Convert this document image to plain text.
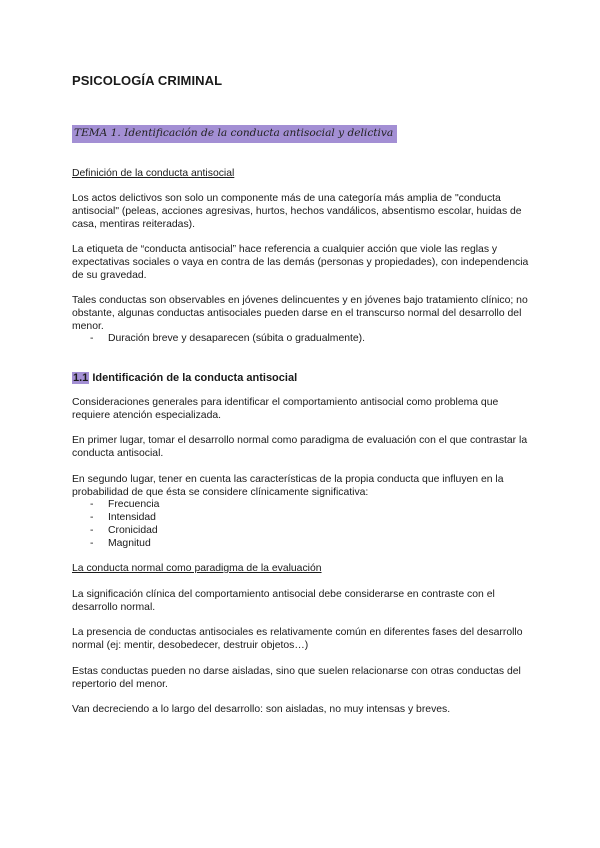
PSICOLOGÍA CRIMINAL
TEMA 1. Identificación de la conducta antisocial y delictiva

Definición de la conducta antisocial

Los actos delictivos son solo un componente más de una categoría más amplia de "conducta antisocial" (peleas, acciones agresivas, hurtos, hechos vandálicos, absentismo escolar, huidas de casa, mentiras reiteradas).

La etiqueta de “conducta antisocial” hace referencia a cualquier acción que viole las reglas y expectativas sociales o vaya en contra de las demás (personas y propiedades), con independencia de su gravedad.

Tales conductas son observables en jóvenes delincuentes y en jóvenes bajo tratamiento clínico; no obstante, algunas conductas antisociales pueden darse en el transcurso normal del desarrollo del menor.

- Duración breve y desaparecen (súbita o gradualmente).

1.1 Identificación de la conducta antisocial

Consideraciones generales para identificar el comportamiento antisocial como problema que requiere atención especializada.

En primer lugar, tomar el desarrollo normal como paradigma de evaluación con el que contrastar la conducta antisocial.

En segundo lugar, tener en cuenta las características de la propia conducta que influyen en la probabilidad de que ésta se considere clínicamente significativa:

- Frecuencia
- Intensidad
- Cronicidad
- Magnitud

La conducta normal como paradigma de la evaluación

La significación clínica del comportamiento antisocial debe considerarse en contraste con el desarrollo normal.

La presencia de conductas antisociales es relativamente común en diferentes fases del desarrollo normal (ej: mentir, desobedecer, destruir objetos…)

Estas conductas pueden no darse aisladas, sino que suelen relacionarse con otras conductas del repertorio del menor.

Van decreciendo a lo largo del desarrollo: son aisladas, no muy intensas y breves.
